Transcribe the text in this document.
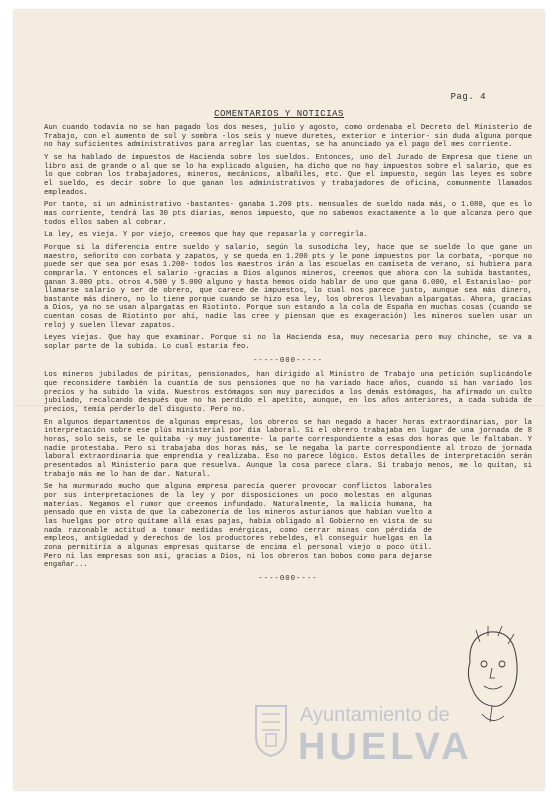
Pag. 4
COMENTARIOS Y NOTICIAS

Aun cuando todavía no se han pagado los dos meses, julio y agosto, como ordenaba el Decreto del Ministerio de Trabajo, con el aumento de sol y sombra -los seis y nueve duretes, exterior e interior- sin duda alguna porque no hay suficientes administrativos para arreglar las cuentas, se ha anunciado ya el pago del mes corriente.

Y se ha hablado de impuestos de Hacienda sobre los sueldos. Entonces, uno del Jurado de Empresa que tiene un libro así de grande o al que se lo ha explicado alguien, ha dicho que no hay impuestos sobre el salario, que es lo que cobran los trabajadores, mineros, mecánicos, albañiles, etc. Que el impuesto, según las leyes es sobre el sueldo, es decir sobre lo que ganan los administrativos y trabajadores de oficina, comunmente llamados empleados.

Por tanto, si un administrativo -bastantes- ganaba 1.200 pts. mensuales de sueldo nada más, o 1.080, que es lo mas corriente, tendrá las 30 pts diarias, menos impuesto, que no sabemos exactamente a lo que alcanza pero que todos ellos saben al cobrar.

La ley, es vieja. Y por viejo, creemos que hay que repasarla y corregirla.

Porque si la diferencia entre sueldo y salario, según la susodicha ley, hace que se suelde lo que gane un maestro, señorito con corbata y zapatos, y se queda en 1.200 pts y le pone impuestos por la corbata, -porque no puede ser que sea por esas 1.200- todos los maestros irán a las escuelas en camiseta de verano, si hubiera para comprarla. Y entonces el salario -gracias a Dios algunos mineros, creemos que ahora con la subida bastantes, ganan 3.000 pts. otros 4.500 y 5.000 alguno y hasta hemos oido hablar de uno que gana 6.000, el Estanislao- por llamarse salario y ser de obrero, que carece de impuestos, lo cual nos parece justo, aunque sea más dinero, bastante más dinero, no lo tiene porque cuando se hizo esa ley, los obreros llevaban alpargatas. Ahora, gracias a Dios, ya no se usan alpargatas en Riotinto. Porque sun estando a la cola de España en muchas cosas (cuando se cuentan cosas de Riotinto por ahí, nadie las cree y piensan que es exageración) les mineros suelen usar un reloj y suelen llevar zapatos.

Leyes viejas. Que hay que examinar. Porque si no la Hacienda esa, muy necesaria pero muy chinche, se va a soplar parte de la subida. Lo cual estaría feo.

-----000-----

Los mineros jubilados de piritas, pensionados, han dirigido al Ministro de Trabajo una petición suplicándole que reconsidere también la cuantía de sus pensiones que no ha variado hace años, cuando si han variado los precios y ha subido la vida. Nuestros estómagos son muy parecidos a los demás estómagos, ha afirmado un culto jubilado, recalcando después que no ha perdido el apetito, aunque, en los años anteriores, a cada subida de precios, temía perderlo del disgusto. Pero no.

En algunos departamentos de algunas empresas, los obreros se han negado a hacer horas extraordinarias, por la interpretación sobre ese plús ministerial por día laboral. Si el obrero trabajaba en lugar de una jornada de 8 horas, solo seis, se le quitaba -y muy justamente- la parte correspondiente a esas dos horas que le faltaban. Y nadie protestaba. Pero si trabajaba dos horas más, se le negaba la parte correspondiente al trozo de jornada laboral extraordinaria que emprendía y realizaba. Eso no parece lógico. Estos detalles de interpretación serán presentados al Ministerio para que resuelva. Aunque la cosa parece clara. Si trabajo menos, me lo quitan, si trabajo más me lo han de dar. Natural.

Se ha murmurado mucho que alguna empresa parecía querer provocar conflictos laborales por sus interpretaciones de la ley y por disposiciones un poco molestas en algunas materias. Negamos el rumor que creemos infundado. Naturalmente, la malicia humana, ha pensado que en vista de que la cabezonería de los mineros asturianos que habían vuelto a las huelgas por otro quítame allá esas pajas, había obligado al Gobierno en vista de su nada razonable actitud a tomar medidas enérgicas, como cerrar minas con pérdida de empleos, antigüedad y derechos de los productores rebeldes, el conseguir huelgas en la zona permitiría a algunas empresas quitarse de encima el personal viejo o poco útil. Pero ni las empresas son así, gracias a Dios, ni los obreros tan bobos como para dejarse engañar...

----000----
Ayuntamiento de
HUELVA
